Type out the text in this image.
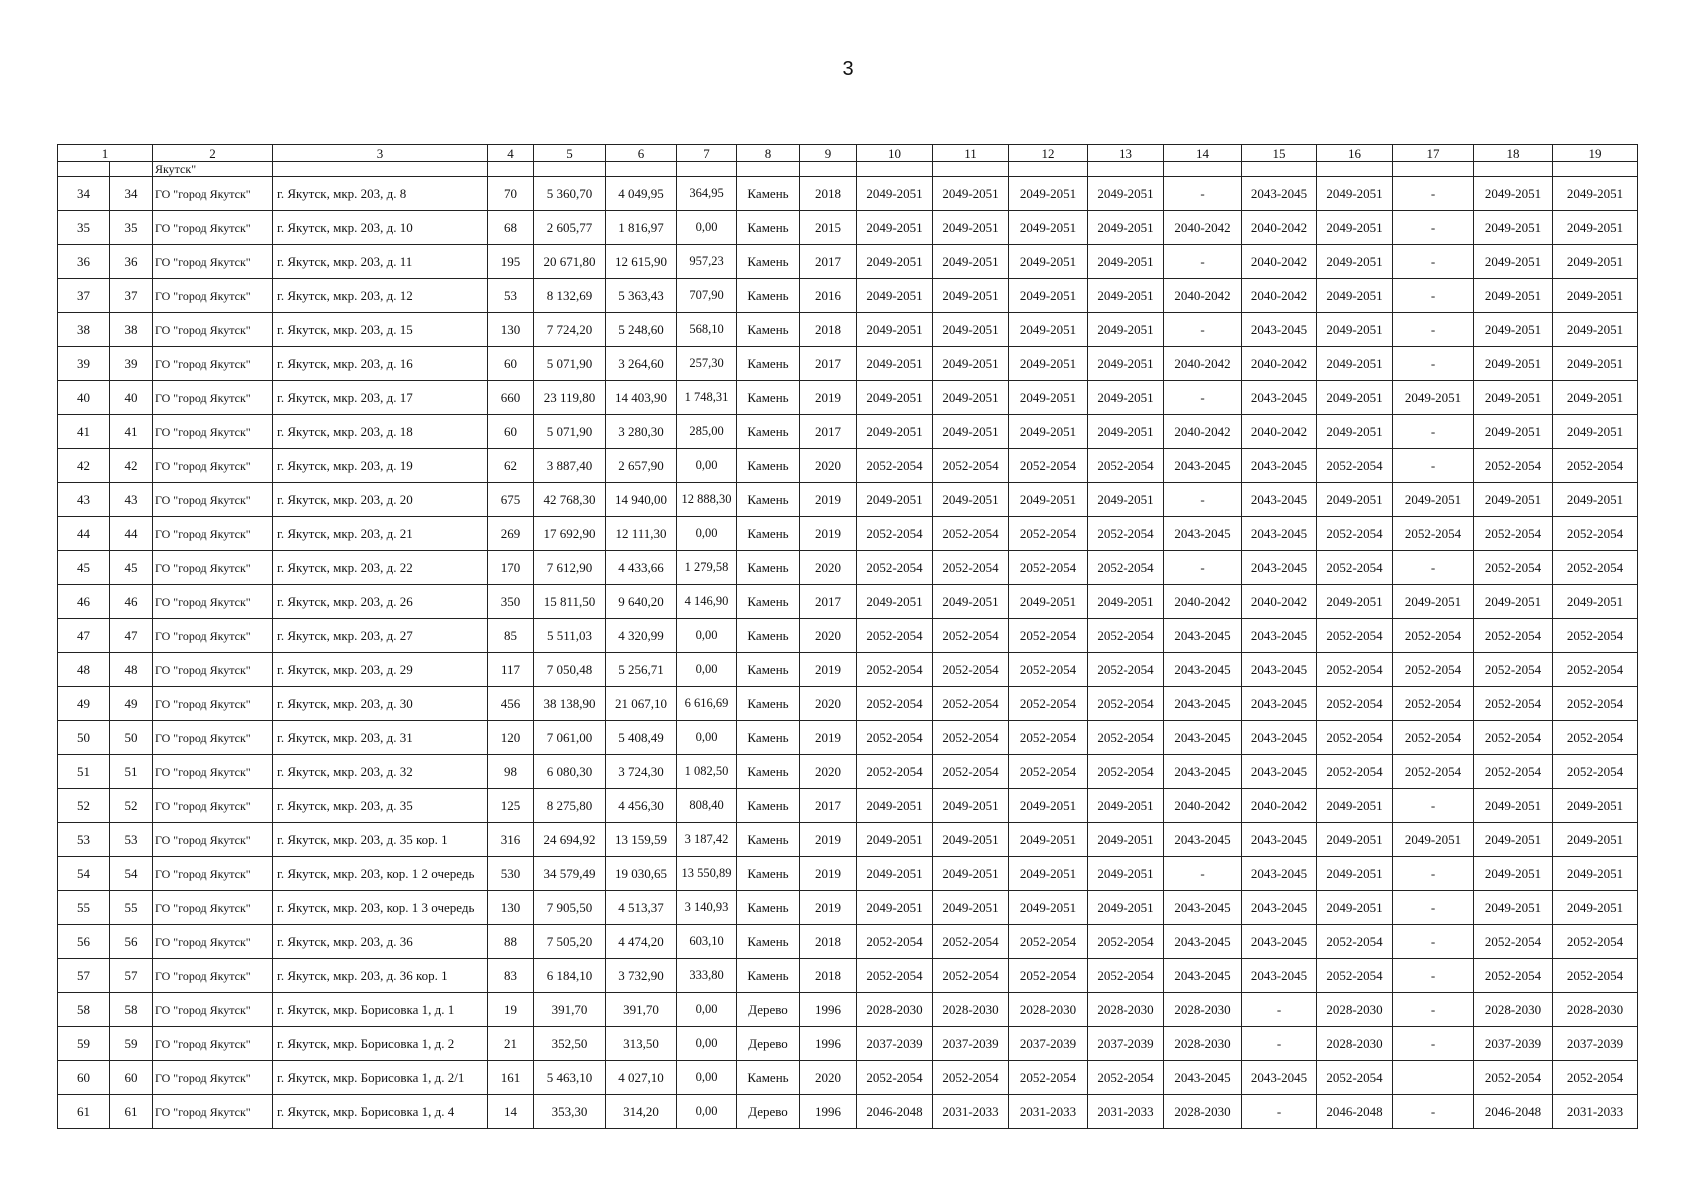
3
1		2	3	4	5	6	7	8	9	10	11	12	13	14	15	16	17	18	19
		Якутск"																	
34	34	ГО "город Якутск"	г. Якутск, мкр. 203, д. 8	70	5 360,70	4 049,95	364,95	Камень	2018	2049-2051	2049-2051	2049-2051	2049-2051	-	2043-2045	2049-2051	-	2049-2051	2049-2051
35	35	ГО "город Якутск"	г. Якутск, мкр. 203, д. 10	68	2 605,77	1 816,97	0,00	Камень	2015	2049-2051	2049-2051	2049-2051	2049-2051	2040-2042	2040-2042	2049-2051	-	2049-2051	2049-2051
36	36	ГО "город Якутск"	г. Якутск, мкр. 203, д. 11	195	20 671,80	12 615,90	957,23	Камень	2017	2049-2051	2049-2051	2049-2051	2049-2051	-	2040-2042	2049-2051	-	2049-2051	2049-2051
37	37	ГО "город Якутск"	г. Якутск, мкр. 203, д. 12	53	8 132,69	5 363,43	707,90	Камень	2016	2049-2051	2049-2051	2049-2051	2049-2051	2040-2042	2040-2042	2049-2051	-	2049-2051	2049-2051
38	38	ГО "город Якутск"	г. Якутск, мкр. 203, д. 15	130	7 724,20	5 248,60	568,10	Камень	2018	2049-2051	2049-2051	2049-2051	2049-2051	-	2043-2045	2049-2051	-	2049-2051	2049-2051
39	39	ГО "город Якутск"	г. Якутск, мкр. 203, д. 16	60	5 071,90	3 264,60	257,30	Камень	2017	2049-2051	2049-2051	2049-2051	2049-2051	2040-2042	2040-2042	2049-2051	-	2049-2051	2049-2051
40	40	ГО "город Якутск"	г. Якутск, мкр. 203, д. 17	660	23 119,80	14 403,90	1 748,31	Камень	2019	2049-2051	2049-2051	2049-2051	2049-2051	-	2043-2045	2049-2051	2049-2051	2049-2051	2049-2051
41	41	ГО "город Якутск"	г. Якутск, мкр. 203, д. 18	60	5 071,90	3 280,30	285,00	Камень	2017	2049-2051	2049-2051	2049-2051	2049-2051	2040-2042	2040-2042	2049-2051	-	2049-2051	2049-2051
42	42	ГО "город Якутск"	г. Якутск, мкр. 203, д. 19	62	3 887,40	2 657,90	0,00	Камень	2020	2052-2054	2052-2054	2052-2054	2052-2054	2043-2045	2043-2045	2052-2054	-	2052-2054	2052-2054
43	43	ГО "город Якутск"	г. Якутск, мкр. 203, д. 20	675	42 768,30	14 940,00	12 888,30	Камень	2019	2049-2051	2049-2051	2049-2051	2049-2051	-	2043-2045	2049-2051	2049-2051	2049-2051	2049-2051
44	44	ГО "город Якутск"	г. Якутск, мкр. 203, д. 21	269	17 692,90	12 111,30	0,00	Камень	2019	2052-2054	2052-2054	2052-2054	2052-2054	2043-2045	2043-2045	2052-2054	2052-2054	2052-2054	2052-2054
45	45	ГО "город Якутск"	г. Якутск, мкр. 203, д. 22	170	7 612,90	4 433,66	1 279,58	Камень	2020	2052-2054	2052-2054	2052-2054	2052-2054	-	2043-2045	2052-2054	-	2052-2054	2052-2054
46	46	ГО "город Якутск"	г. Якутск, мкр. 203, д. 26	350	15 811,50	9 640,20	4 146,90	Камень	2017	2049-2051	2049-2051	2049-2051	2049-2051	2040-2042	2040-2042	2049-2051	2049-2051	2049-2051	2049-2051
47	47	ГО "город Якутск"	г. Якутск, мкр. 203, д. 27	85	5 511,03	4 320,99	0,00	Камень	2020	2052-2054	2052-2054	2052-2054	2052-2054	2043-2045	2043-2045	2052-2054	2052-2054	2052-2054	2052-2054
48	48	ГО "город Якутск"	г. Якутск, мкр. 203, д. 29	117	7 050,48	5 256,71	0,00	Камень	2019	2052-2054	2052-2054	2052-2054	2052-2054	2043-2045	2043-2045	2052-2054	2052-2054	2052-2054	2052-2054
49	49	ГО "город Якутск"	г. Якутск, мкр. 203, д. 30	456	38 138,90	21 067,10	6 616,69	Камень	2020	2052-2054	2052-2054	2052-2054	2052-2054	2043-2045	2043-2045	2052-2054	2052-2054	2052-2054	2052-2054
50	50	ГО "город Якутск"	г. Якутск, мкр. 203, д. 31	120	7 061,00	5 408,49	0,00	Камень	2019	2052-2054	2052-2054	2052-2054	2052-2054	2043-2045	2043-2045	2052-2054	2052-2054	2052-2054	2052-2054
51	51	ГО "город Якутск"	г. Якутск, мкр. 203, д. 32	98	6 080,30	3 724,30	1 082,50	Камень	2020	2052-2054	2052-2054	2052-2054	2052-2054	2043-2045	2043-2045	2052-2054	2052-2054	2052-2054	2052-2054
52	52	ГО "город Якутск"	г. Якутск, мкр. 203, д. 35	125	8 275,80	4 456,30	808,40	Камень	2017	2049-2051	2049-2051	2049-2051	2049-2051	2040-2042	2040-2042	2049-2051	-	2049-2051	2049-2051
53	53	ГО "город Якутск"	г. Якутск, мкр. 203, д. 35 кор. 1	316	24 694,92	13 159,59	3 187,42	Камень	2019	2049-2051	2049-2051	2049-2051	2049-2051	2043-2045	2043-2045	2049-2051	2049-2051	2049-2051	2049-2051
54	54	ГО "город Якутск"	г. Якутск, мкр. 203, кор. 1 2 очередь	530	34 579,49	19 030,65	13 550,89	Камень	2019	2049-2051	2049-2051	2049-2051	2049-2051	-	2043-2045	2049-2051	-	2049-2051	2049-2051
55	55	ГО "город Якутск"	г. Якутск, мкр. 203, кор. 1 3 очередь	130	7 905,50	4 513,37	3 140,93	Камень	2019	2049-2051	2049-2051	2049-2051	2049-2051	2043-2045	2043-2045	2049-2051	-	2049-2051	2049-2051
56	56	ГО "город Якутск"	г. Якутск, мкр. 203, д. 36	88	7 505,20	4 474,20	603,10	Камень	2018	2052-2054	2052-2054	2052-2054	2052-2054	2043-2045	2043-2045	2052-2054	-	2052-2054	2052-2054
57	57	ГО "город Якутск"	г. Якутск, мкр. 203, д. 36 кор. 1	83	6 184,10	3 732,90	333,80	Камень	2018	2052-2054	2052-2054	2052-2054	2052-2054	2043-2045	2043-2045	2052-2054	-	2052-2054	2052-2054
58	58	ГО "город Якутск"	г. Якутск, мкр. Борисовка 1, д. 1	19	391,70	391,70	0,00	Дерево	1996	2028-2030	2028-2030	2028-2030	2028-2030	2028-2030	-	2028-2030	-	2028-2030	2028-2030
59	59	ГО "город Якутск"	г. Якутск, мкр. Борисовка 1, д. 2	21	352,50	313,50	0,00	Дерево	1996	2037-2039	2037-2039	2037-2039	2037-2039	2028-2030	-	2028-2030	-	2037-2039	2037-2039
60	60	ГО "город Якутск"	г. Якутск, мкр. Борисовка 1, д. 2/1	161	5 463,10	4 027,10	0,00	Камень	2020	2052-2054	2052-2054	2052-2054	2052-2054	2043-2045	2043-2045	2052-2054		2052-2054	2052-2054
61	61	ГО "город Якутск"	г. Якутск, мкр. Борисовка 1, д. 4	14	353,30	314,20	0,00	Дерево	1996	2046-2048	2031-2033	2031-2033	2031-2033	2028-2030	-	2046-2048	-	2046-2048	2031-2033
